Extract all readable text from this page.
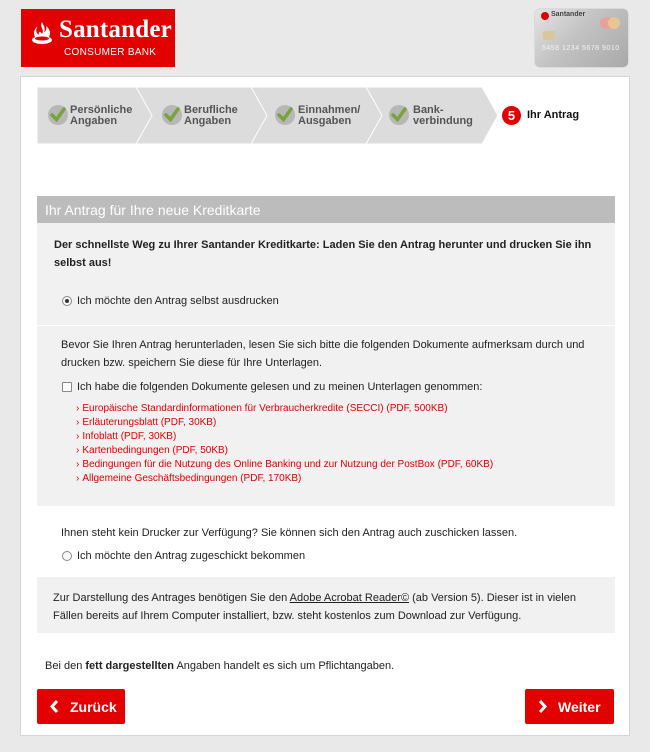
Santander
CONSUMER BANK
Santander
5458 1234 5678 9010
Persönliche
Angaben
Berufliche
Angaben
Einnahmen/
Ausgaben
Bank-
verbindung	5	Ihr Antrag
Ihr Antrag für Ihre neue Kreditkarte
Der schnellste Weg zu Ihrer Santander Kreditkarte: Laden Sie den Antrag herunter und drucken Sie ihn selbst aus!
Ich möchte den Antrag selbst ausdrucken
Bevor Sie Ihren Antrag herunterladen, lesen Sie sich bitte die folgenden Dokumente aufmerksam durch und drucken bzw. speichern Sie diese für Ihre Unterlagen.
Ich habe die folgenden Dokumente gelesen und zu meinen Unterlagen genommen:
› Europäische Standardinformationen für Verbraucherkredite (SECCI) (PDF, 500KB)
› Erläuterungsblatt (PDF, 30KB)
› Infoblatt (PDF, 30KB)
› Kartenbedingungen (PDF, 50KB)
› Bedingungen für die Nutzung des Online Banking und zur Nutzung der PostBox (PDF, 60KB)
› Allgemeine Geschäftsbedingungen (PDF, 170KB)
Ihnen steht kein Drucker zur Verfügung? Sie können sich den Antrag auch zuschicken lassen.
Ich möchte den Antrag zugeschickt bekommen
Zur Darstellung des Antrages benötigen Sie den Adobe Acrobat Reader© (ab Version 5). Dieser ist in vielen Fällen bereits auf Ihrem Computer installiert, bzw. steht kostenlos zum Download zur Verfügung.
Bei den fett dargestellten Angaben handelt es sich um Pflichtangaben.
Zurück	Weiter
